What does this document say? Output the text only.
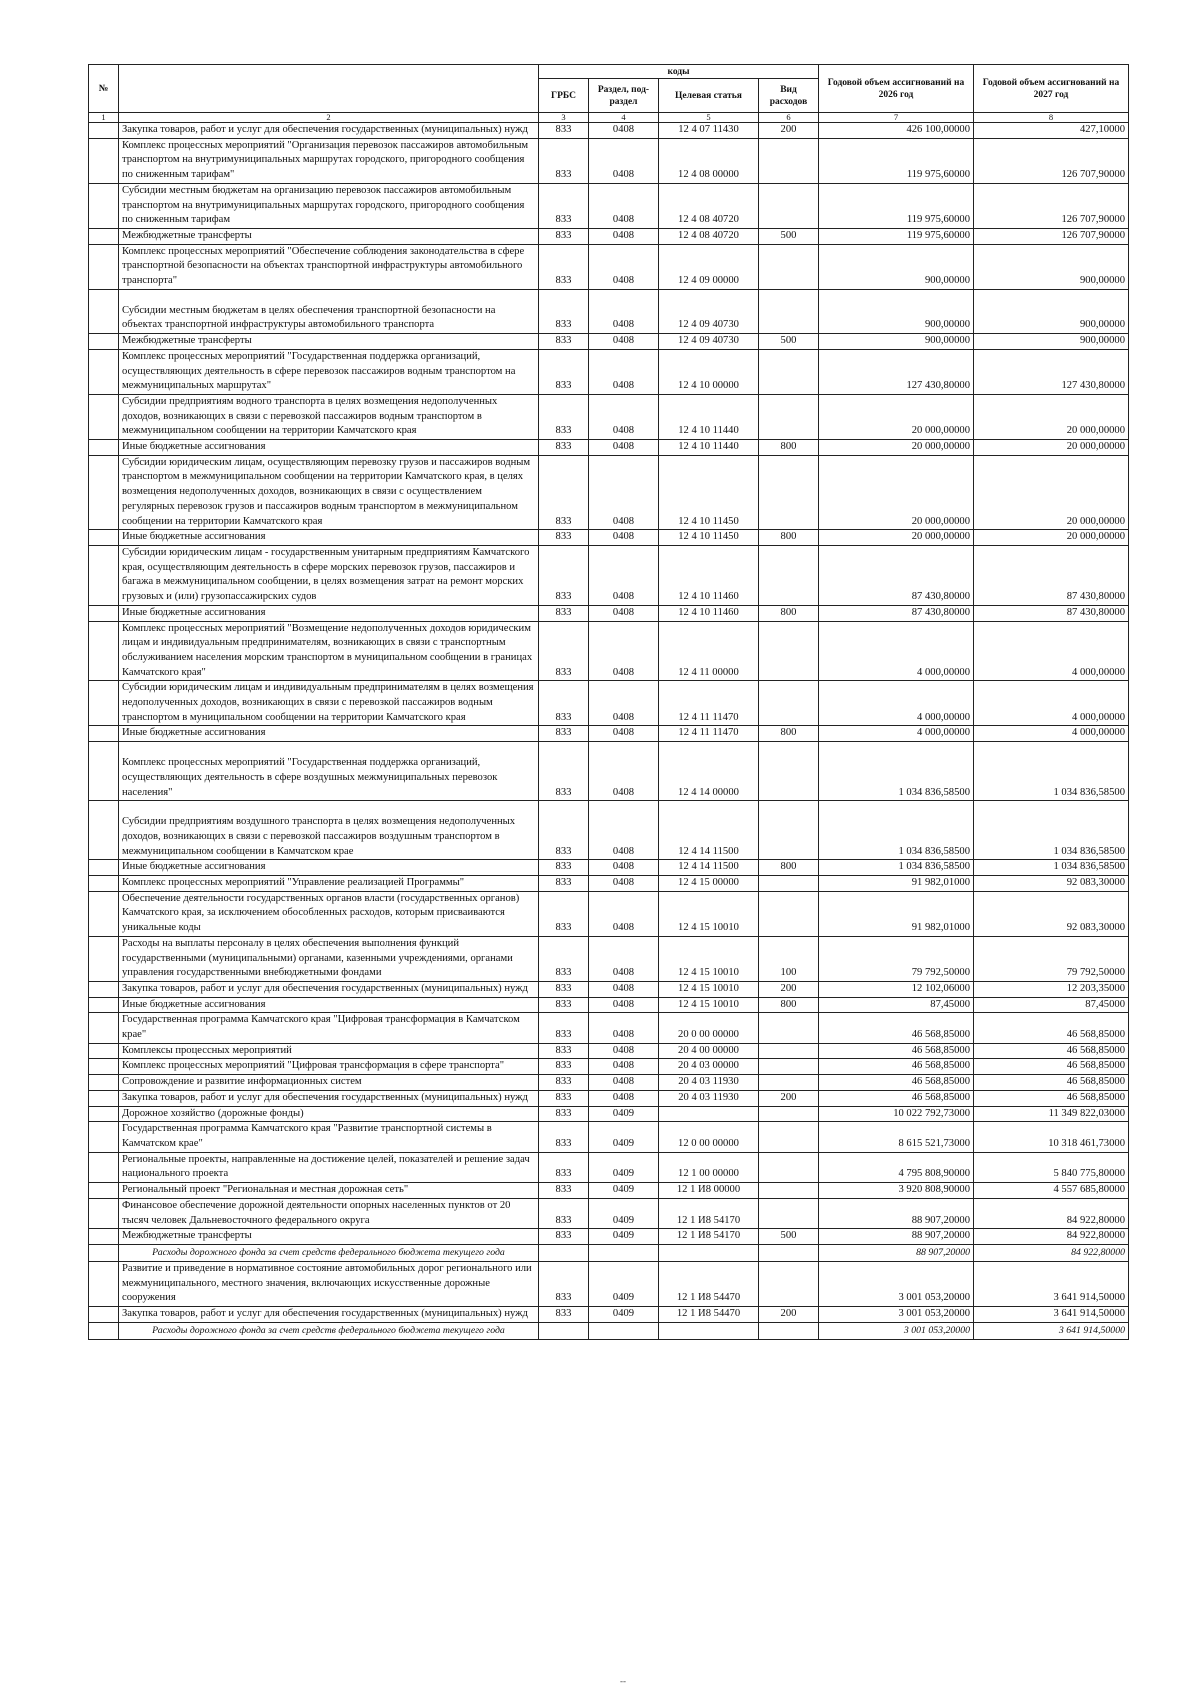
№		коды				Годовой объем ассигнований на 2026 год	Годовой объем ассигнований на 2027 год
		ГРБС	Раздел, под-раздел	Целевая статья	Вид расходов		
1	2	3	4	5	6	7	8
	Закупка товаров, работ и услуг для обеспечения государственных (муниципальных) нужд	833	0408	12 4 07 11430	200	426 100,00000	427,10000
	Комплекс процессных мероприятий "Организация перевозок пассажиров автомобильным транспортом на внутримуниципальных маршрутах городского, пригородного сообщения по сниженным тарифам"	833	0408	12 4 08 00000		119 975,60000	126 707,90000
	Субсидии местным бюджетам на организацию перевозок пассажиров автомобильным транспортом на внутримуниципальных маршрутах городского, пригородного сообщения по сниженным тарифам	833	0408	12 4 08 40720		119 975,60000	126 707,90000
	Межбюджетные трансферты	833	0408	12 4 08 40720	500	119 975,60000	126 707,90000
	Комплекс процессных мероприятий "Обеспечение соблюдения законодательства в сфере транспортной безопасности на объектах транспортной инфраструктуры автомобильного транспорта"	833	0408	12 4 09 00000		900,00000	900,00000
	Субсидии местным бюджетам в целях обеспечения транспортной безопасности на объектах транспортной инфраструктуры автомобильного транспорта	833	0408	12 4 09 40730		900,00000	900,00000
	Межбюджетные трансферты	833	0408	12 4 09 40730	500	900,00000	900,00000
	Комплекс процессных мероприятий "Государственная поддержка организаций, осуществляющих деятельность в сфере перевозок пассажиров водным транспортом на межмуниципальных маршрутах"	833	0408	12 4 10 00000		127 430,80000	127 430,80000
	Субсидии предприятиям водного транспорта в целях возмещения недополученных доходов, возникающих в связи с перевозкой пассажиров водным транспортом в межмуниципальном сообщении на территории Камчатского края	833	0408	12 4 10 11440		20 000,00000	20 000,00000
	Иные бюджетные ассигнования	833	0408	12 4 10 11440	800	20 000,00000	20 000,00000
	Субсидии юридическим лицам, осуществляющим перевозку грузов и пассажиров водным транспортом в межмуниципальном сообщении на территории Камчатского края, в целях возмещения недополученных доходов, возникающих в связи с осуществлением регулярных перевозок грузов и пассажиров водным транспортом в межмуниципальном сообщении на территории Камчатского края	833	0408	12 4 10 11450		20 000,00000	20 000,00000
	Иные бюджетные ассигнования	833	0408	12 4 10 11450	800	20 000,00000	20 000,00000
	Субсидии юридическим лицам - государственным унитарным предприятиям Камчатского края, осуществляющим деятельность в сфере морских перевозок грузов, пассажиров и багажа в межмуниципальном сообщении, в целях возмещения затрат на ремонт морских грузовых и (или) грузопассажирских судов	833	0408	12 4 10 11460		87 430,80000	87 430,80000
	Иные бюджетные ассигнования	833	0408	12 4 10 11460	800	87 430,80000	87 430,80000
	Комплекс процессных мероприятий "Возмещение недополученных доходов юридическим лицам и индивидуальным предпринимателям, возникающих в связи с транспортным обслуживанием населения морским транспортом в муниципальном сообщении в границах Камчатского края"	833	0408	12 4 11 00000		4 000,00000	4 000,00000
	Субсидии юридическим лицам и индивидуальным предпринимателям в целях возмещения недополученных доходов, возникающих в связи с перевозкой пассажиров водным транспортом в муниципальном сообщении на территории Камчатского края	833	0408	12 4 11 11470		4 000,00000	4 000,00000
	Иные бюджетные ассигнования	833	0408	12 4 11 11470	800	4 000,00000	4 000,00000
	Комплекс процессных мероприятий "Государственная поддержка организаций, осуществляющих деятельность в сфере воздушных межмуниципальных перевозок населения"	833	0408	12 4 14 00000		1 034 836,58500	1 034 836,58500
	Субсидии предприятиям воздушного транспорта в целях возмещения недополученных доходов, возникающих в связи с перевозкой пассажиров воздушным транспортом в межмуниципальном сообщении в Камчатском крае	833	0408	12 4 14 11500		1 034 836,58500	1 034 836,58500
	Иные бюджетные ассигнования	833	0408	12 4 14 11500	800	1 034 836,58500	1 034 836,58500
	Комплекс процессных мероприятий "Управление реализацией Программы"	833	0408	12 4 15 00000		91 982,01000	92 083,30000
	Обеспечение деятельности государственных органов власти (государственных органов) Камчатского края, за исключением обособленных расходов, которым присваиваются уникальные коды	833	0408	12 4 15 10010		91 982,01000	92 083,30000
	Расходы на выплаты персоналу в целях обеспечения выполнения функций государственными (муниципальными) органами, казенными учреждениями, органами управления государственными внебюджетными фондами	833	0408	12 4 15 10010	100	79 792,50000	79 792,50000
	Закупка товаров, работ и услуг для обеспечения государственных (муниципальных) нужд	833	0408	12 4 15 10010	200	12 102,06000	12 203,35000
	Иные бюджетные ассигнования	833	0408	12 4 15 10010	800	87,45000	87,45000
	Государственная программа Камчатского края "Цифровая трансформация в Камчатском крае"	833	0408	20 0 00 00000		46 568,85000	46 568,85000
	Комплексы процессных мероприятий	833	0408	20 4 00 00000		46 568,85000	46 568,85000
	Комплекс процессных мероприятий "Цифровая трансформация в сфере транспорта"	833	0408	20 4 03 00000		46 568,85000	46 568,85000
	Сопровождение и развитие информационных систем	833	0408	20 4 03 11930		46 568,85000	46 568,85000
	Закупка товаров, работ и услуг для обеспечения государственных (муниципальных) нужд	833	0408	20 4 03 11930	200	46 568,85000	46 568,85000
	Дорожное хозяйство (дорожные фонды)	833	0409			10 022 792,73000	11 349 822,03000
	Государственная программа Камчатского края "Развитие транспортной системы в Камчатском крае"	833	0409	12 0 00 00000		8 615 521,73000	10 318 461,73000
	Региональные проекты, направленные на достижение целей, показателей и решение задач национального проекта	833	0409	12 1 00 00000		4 795 808,90000	5 840 775,80000
	Региональный проект "Региональная и местная дорожная сеть"	833	0409	12 1 И8 00000		3 920 808,90000	4 557 685,80000
	Финансовое обеспечение дорожной деятельности опорных населенных пунктов от 20 тысяч человек Дальневосточного федерального округа	833	0409	12 1 И8 54170		88 907,20000	84 922,80000
	Межбюджетные трансферты	833	0409	12 1 И8 54170	500	88 907,20000	84 922,80000
	Расходы дорожного фонда за счет средств федерального бюджета текущего года					88 907,20000	84 922,80000
	Развитие и приведение в нормативное состояние автомобильных дорог регионального или межмуниципального, местного значения, включающих искусственные дорожные сооружения	833	0409	12 1 И8 54470		3 001 053,20000	3 641 914,50000
	Закупка товаров, работ и услуг для обеспечения государственных (муниципальных) нужд	833	0409	12 1 И8 54470	200	3 001 053,20000	3 641 914,50000
	Расходы дорожного фонда за счет средств федерального бюджета текущего года					3 001 053,20000	3 641 914,50000
--
